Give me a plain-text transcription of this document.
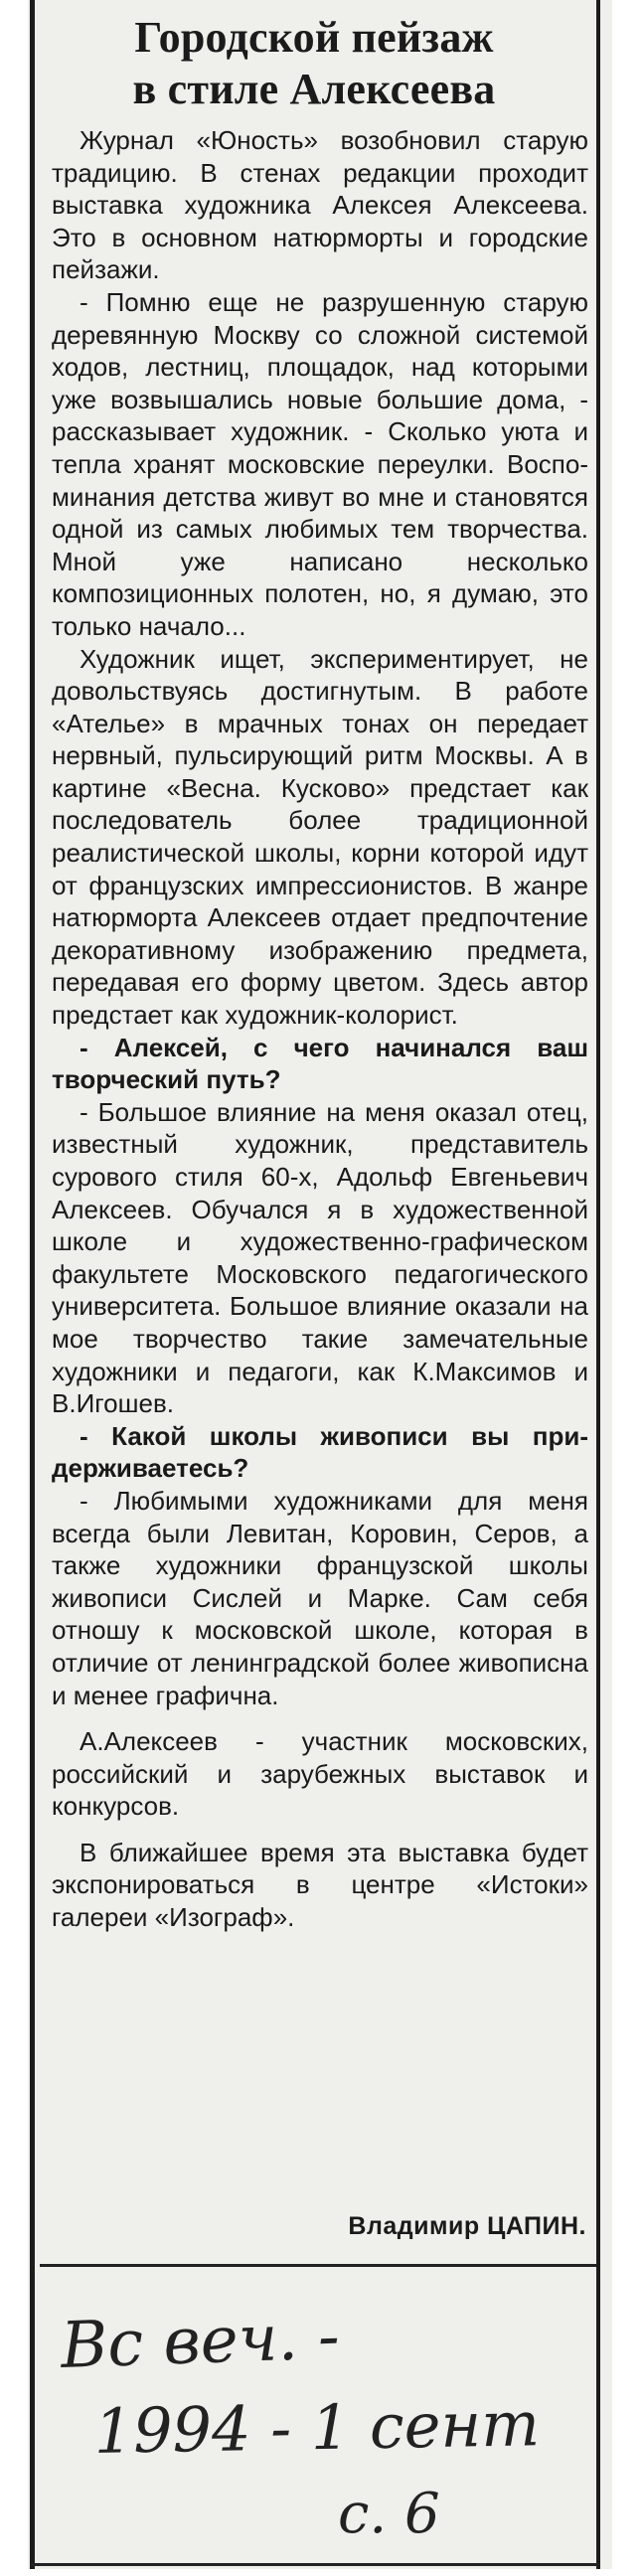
Городской пейзаж
в стиле Алексеева

Журнал «Юность» возобновил старую традицию. В стенах редакции проходит выставка художника Алексея Алексеева. Это в основном натюрморты и городские пейзажи.

- Помню еще не разрушенную старую деревянную Москву со сложной системой ходов, лестниц, площадок, над которыми уже возвышались новые большие дома, - рассказывает художник. - Сколько уюта и тепла хранят московские переулки. Воспоминания детства живут во мне и становятся одной из самых любимых тем творчества. Мной уже написано несколько композиционных полотен, но, я думаю, это только начало...

Художник ищет, экспериментирует, не довольствуясь достигнутым. В работе «Ателье» в мрачных тонах он передает нервный, пульсирующий ритм Москвы. А в картине «Весна. Кусково» предстает как последователь более традиционной реалистической школы, корни которой идут от французских импрессионистов. В жанре натюрморта Алексеев отдает предпочтение декоративному изображению предмета, передавая его форму цветом. Здесь автор предстает как художник-колорист.

- Алексей, с чего начинался ваш творческий путь?

- Большое влияние на меня оказал отец, известный художник, представитель сурового стиля 60-х, Адольф Евгеньевич Алексеев. Обучался я в художественной школе и художественно-графическом факультете Московского педагогического университета. Большое влияние оказали на мое творчество такие замечательные художники и педагоги, как К.Максимов и В.Игошев.

- Какой школы живописи вы придерживаетесь?

- Любимыми художниками для меня всегда были Левитан, Коровин, Серов, а также художники французской школы живописи Сислей и Марке. Сам себя отношу к московской школе, которая в отличие от ленинградской более живописна и менее графична.

А.Алексеев - участник московских, российский и зарубежных выставок и конкурсов.

В ближайшее время эта выставка будет экспонироваться в центре «Истоки» галереи «Изограф».

Владимир ЦАПИН.
Вс веч. -
1994 - 1 сент
с. 6
